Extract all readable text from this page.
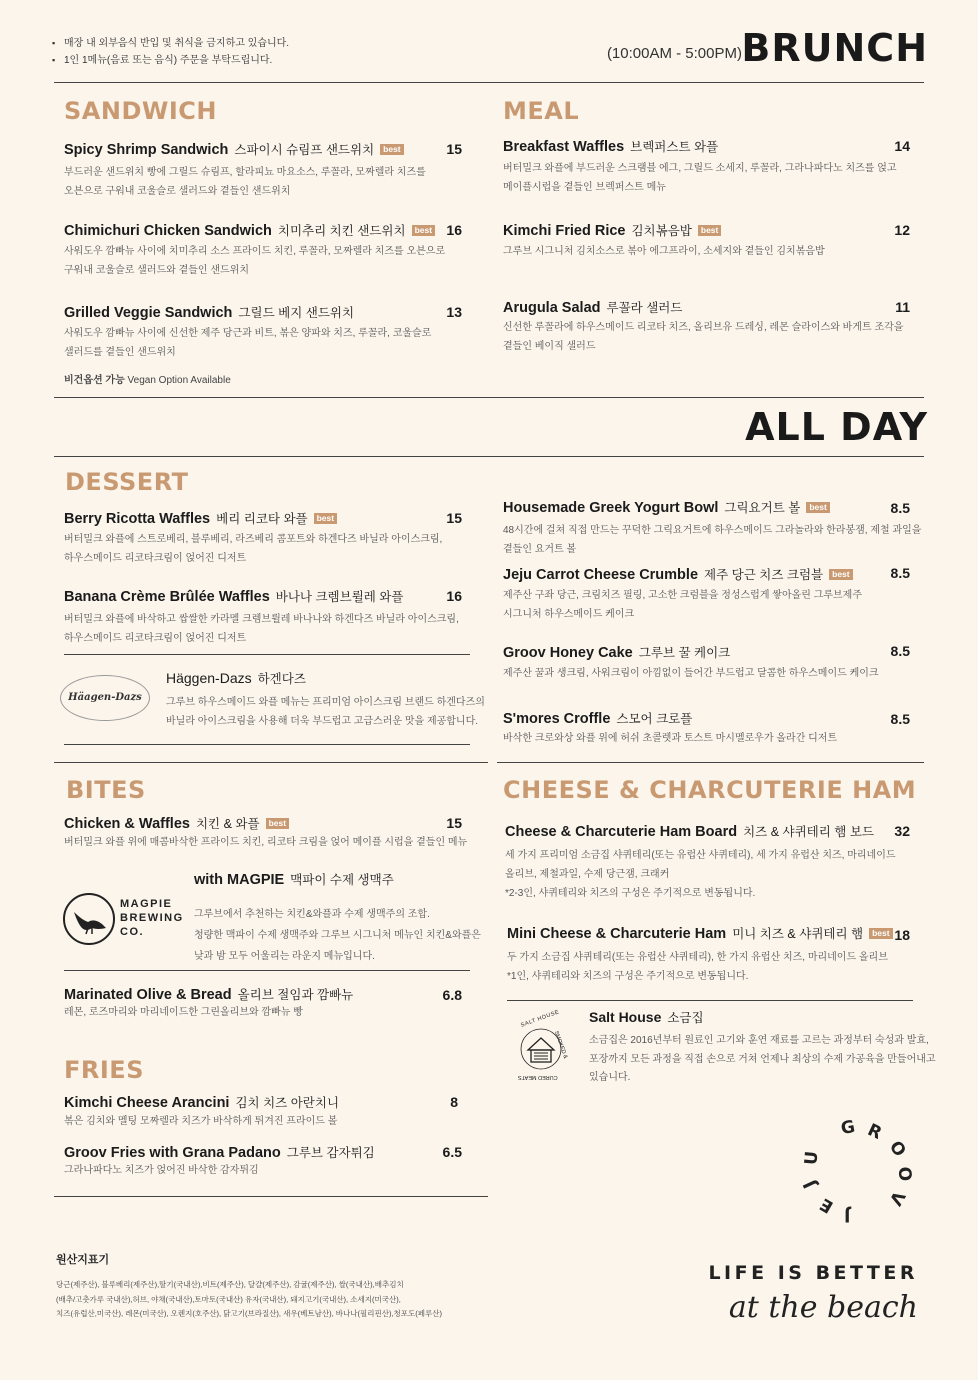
▪ 매장 내 외부음식 반입 및 취식을 금지하고 있습니다.
▪ 1인 1메뉴(음료 또는 음식) 주문을 부탁드립니다.	(10:00AM - 5:00PM) BRUNCH
SANDWICH
Spicy Shrimp Sandwich 스파이시 슈림프 샌드위치 best	15
부드러운 샌드위치 빵에 그릴드 슈림프, 할라피뇨 마요소스, 루꼴라, 모짜렐라 치즈를
오븐으로 구워내 코울슬로 샐러드와 곁들인 샌드위치
Chimichuri Chicken Sandwich 치미추리 치킨 샌드위치 best	16
사워도우 깜빠뉴 사이에 치미추리 소스 프라이드 치킨, 루꼴라, 모짜렐라 치즈를 오븐으로
구워내 코울슬로 샐러드와 곁들인 샌드위치
Grilled Veggie Sandwich 그릴드 베지 샌드위치	13
사워도우 깜빠뉴 사이에 신선한 제주 당근과 비트, 볶은 양파와 치즈, 루꼴라, 코울슬로
샐러드를 곁들인 샌드위치
비건옵션 가능 Vegan Option Available
MEAL
Breakfast Waffles 브렉퍼스트 와플	14
버터밀크 와플에 부드러운 스크램블 에그, 그릴드 소세지, 루꼴라, 그라나파다노 치즈를 얹고
메이플시럽을 곁들인 브렉퍼스트 메뉴
Kimchi Fried Rice 김치볶음밥 best	12
그루브 시그니처 김치소스로 볶아 에그프라이, 소세지와 곁들인 김치볶음밥
Arugula Salad 루꼴라 샐러드	11
신선한 루꼴라에 하우스메이드 리코타 치즈, 올리브유 드레싱, 레몬 슬라이스와 바게트 조각을
곁들인 베이직 샐러드
ALL DAY
DESSERT
Berry Ricotta Waffles 베리 리코타 와플 best	15
버터밀크 와플에 스트로베리, 블루베리, 라즈베리 콤포트와 하겐다즈 바닐라 아이스크림,
하우스메이드 리코타크림이 얹어진 디저트
Banana Crème Brûlée Waffles 바나나 크렘브륄레 와플	16
버터밀크 와플에 바삭하고 쌉쌀한 카라멜 크렘브륄레 바나나와 하겐다즈 바닐라 아이스크림,
하우스메이드 리코타크림이 얹어진 디저트
Häagen-Dazs
Häggen-Dazs 하겐다즈
그루브 하우스메이드 와플 메뉴는 프리미엄 아이스크림 브랜드 하겐다즈의
바닐라 아이스크림을 사용해 더욱 부드럽고 고급스러운 맛을 제공합니다.
Housemade Greek Yogurt Bowl 그릭요거트 볼 best	8.5
48시간에 걸쳐 직접 만드는 꾸덕한 그릭요거트에 하우스메이드 그라놀라와 한라봉잼, 제철 과일을
곁들인 요거트 볼
Jeju Carrot Cheese Crumble 제주 당근 치즈 크럼블 best	8.5
제주산 구좌 당근, 크림치즈 필링, 고소한 크럼블을 정성스럽게 쌓아올린 그루브제주
시그니처 하우스메이드 케이크
Groov Honey Cake 그루브 꿀 케이크	8.5
제주산 꿀과 생크림, 사워크림이 아낌없이 들어간 부드럽고 달콤한 하우스메이드 케이크
S'mores Croffle 스모어 크로플	8.5
바삭한 크로와상 와플 위에 허쉬 초콜렛과 토스트 마시멜로우가 올라간 디저트
BITES
Chicken & Waffles 치킨 & 와플 best	15
버터밀크 와플 위에 매콤바삭한 프라이드 치킨, 리코타 크림을 얹어 메이플 시럽을 곁들인 메뉴
MAGPIE
BREWING
CO.
with MAGPIE 맥파이 수제 생맥주
그루브에서 추천하는 치킨&와플과 수제 생맥주의 조합.
청량한 맥파이 수제 생맥주와 그루브 시그니처 메뉴인 치킨&와플은
낮과 밤 모두 어울리는 라운지 메뉴입니다.
Marinated Olive & Bread 올리브 절임과 깜빠뉴	6.8
레몬, 로즈마리와 마리네이드한 그린올리브와 깜빠뉴 빵
FRIES
Kimchi Cheese Arancini 김치 치즈 아란치니	8
볶은 김치와 멜팅 모짜렐라 치즈가 바삭하게 튀겨진 프라이드 볼
Groov Fries with Grana Padano 그루브 감자튀김	6.5
그라나파다노 치즈가 얹어진 바삭한 감자튀김
CHEESE & CHARCUTERIE HAM
Cheese & Charcuterie Ham Board 치즈 & 샤퀴테리 햄 보드	32
세 가지 프리미엄 소금집 샤퀴테리(또는 유럽산 샤퀴테리), 세 가지 유럽산 치즈, 마리네이드
올리브, 제철과일, 수제 당근잼, 크래커
*2-3인, 샤퀴테리와 치즈의 구성은 주기적으로 변동됩니다.
Mini Cheese & Charcuterie Ham 미니 치즈 & 샤퀴테리 햄 best 18
두 가지 소금집 샤퀴테리(또는 유럽산 샤퀴테리), 한 가지 유럽산 치즈, 마리네이드 올리브
*1인, 샤퀴테리와 치즈의 구성은 주기적으로 변동됩니다.
SALT HOUSE
SMOKED &
CURED MEATS
Salt House 소금집
소금집은 2016년부터 원료인 고기와 훈연 재료를 고르는 과정부터 숙성과 발효,
포장까지 모든 과정을 직접 손으로 거쳐 언제나 최상의 수제 가공육을 만들어내고
있습니다.
G R
O
O
V
J
E
J
U
LIFE IS BETTER
at the beach
원산지표기
당근(제주산), 블루베리(제주산),딸기(국내산),비트(제주산), 달걀(제주산), 감귤(제주산), 쌀(국내산),배추김치
(배추/고춧가루 국내산),허브, 야채(국내산),토마토(국내산) 유자(국내산), 돼지고기(국내산), 소세지(미국산),
치즈(유럽산,미국산), 레몬(미국산), 오렌지(호주산), 닭고기(브라질산), 새우(베트남산), 바나나(필리핀산),청포도(페루산)
